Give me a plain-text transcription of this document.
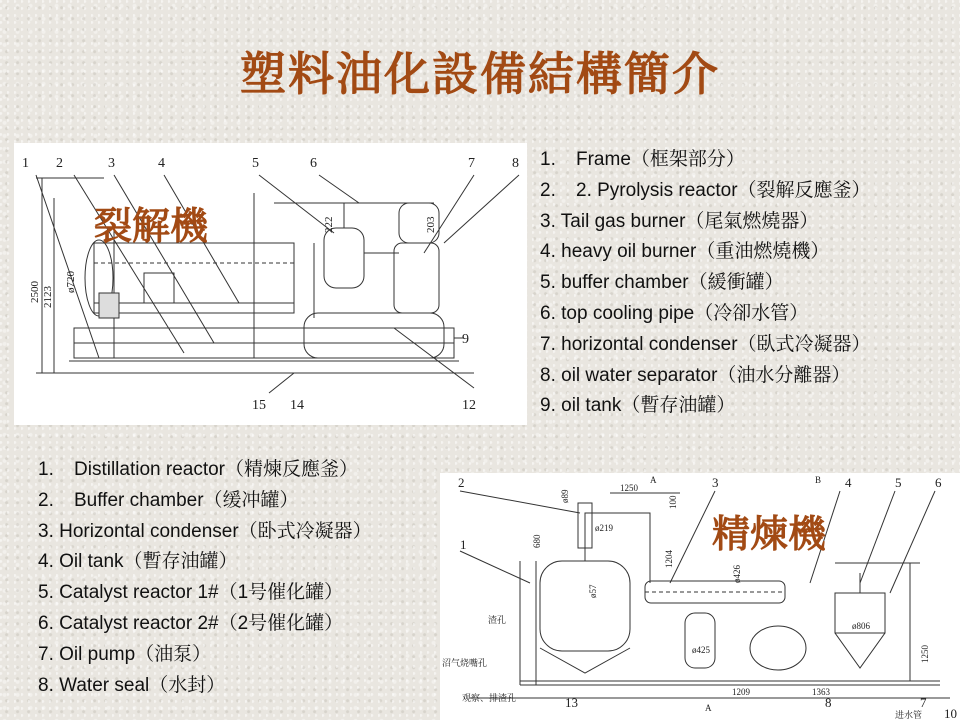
塑料油化設備結構簡介
1 2	3	4	5	6	7	8
9
12
15 14
2500 2123
ø720
222	203
裂解機
1. Frame（框架部分）
2. 2. Pyrolysis reactor（裂解反應釜）
3. Tail gas burner（尾氣燃燒器）
4. heavy oil burner（重油燃燒機）
5. buffer chamber（緩衝罐）
6. top cooling pipe（冷卻水管）
7. horizontal condenser（臥式冷凝器）
8. oil water separator（油水分離器）
9. oil tank（暫存油罐）
1. Distillation reactor（精煉反應釜）
2. Buffer chamber（缓冲罐）
3. Horizontal condenser（卧式冷凝器）
4. Oil tank（暫存油罐）
5. Catalyst reactor 1#（1号催化罐）
6. Catalyst reactor 2#（2号催化罐）
7. Oil pump（油泵）
8. Water seal（水封）
2	3	4	5	6
1
13	8	7
10
A	B
A
1250
100
680
ø89
ø219
1204
ø426
ø425
ø806
1250
1209	1363
ø57
渣孔
沼气烧嘴孔
观察、排渣孔
进水管
精煉機
